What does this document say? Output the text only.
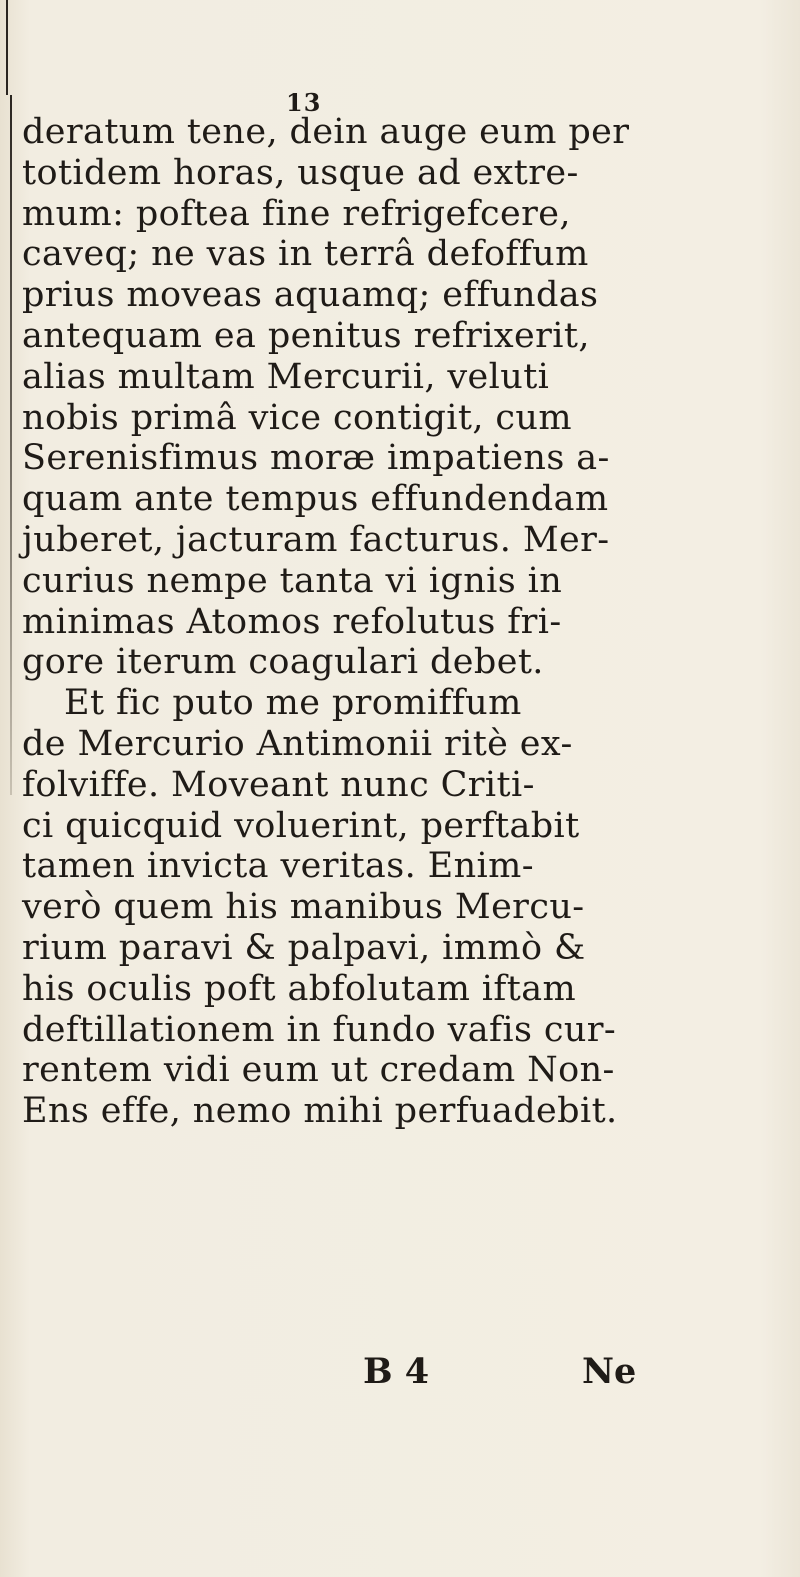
13
deratum tene, dein auge eum per
totidem horas, usque ad extre-
mum: poftea fine refrigefcere,
caveq; ne vas in terrâ defoffum
prius moveas aquamq; effundas
antequam ea penitus refrixerit,
alias multam Mercurii, veluti
nobis primâ vice contigit, cum
Serenisfimus moræ impatiens a-
quam ante tempus effundendam
juberet, jacturam facturus. Mer-
curius nempe tanta vi ignis in
minimas Atomos refolutus fri-
gore iterum coagulari debet.
Et fic puto me promiffum
de Mercurio Antimonii ritè ex-
folviffe. Moveant nunc Criti-
ci quicquid voluerint, perftabit
tamen invicta veritas. Enim-
verò quem his manibus Mercu-
rium paravi & palpavi, immò &
his oculis poft abfolutam iftam
deftillationem in fundo vafis cur-
rentem vidi eum ut credam Non-
Ens effe, nemo mihi perfuadebit.
B 4	Ne
